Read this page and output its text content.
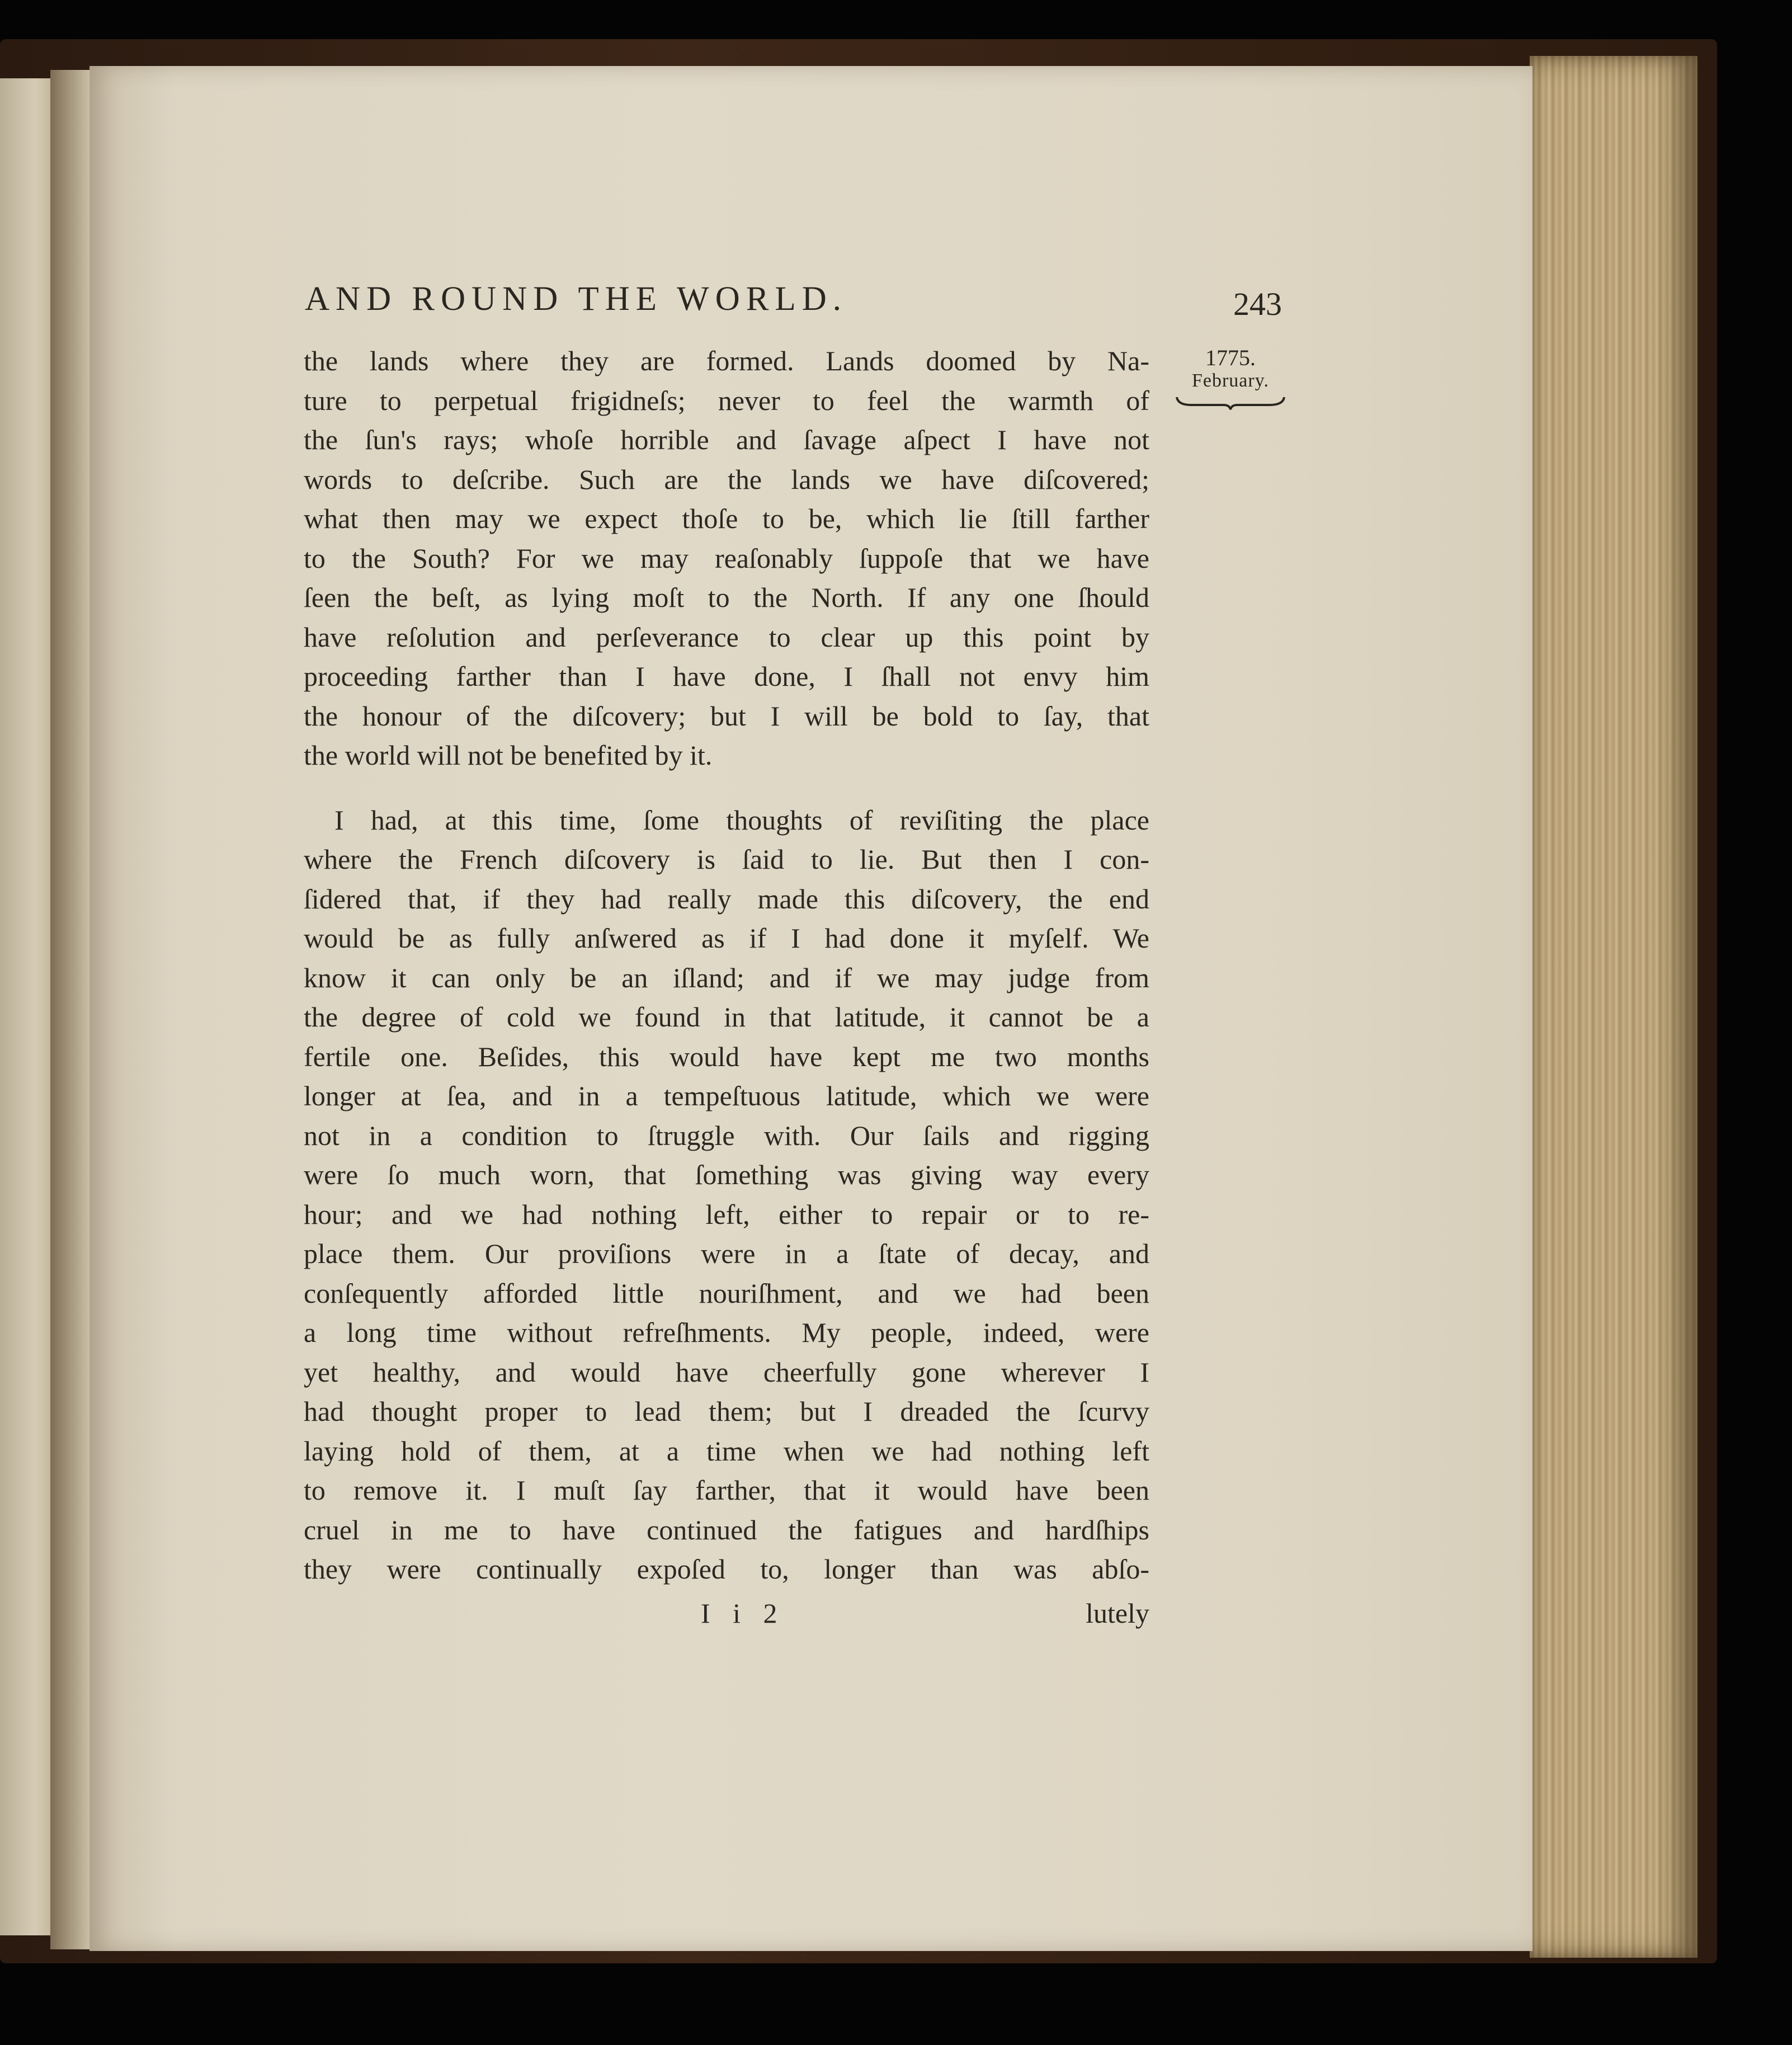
AND ROUND THE WORLD.	243
1775.
February.
the lands where they are formed. Lands doomed by Na-
ture to perpetual frigidneſs; never to feel the warmth of
the ſun's rays; whoſe horrible and ſavage aſpect I have not
words to deſcribe. Such are the lands we have diſcovered;
what then may we expect thoſe to be, which lie ſtill farther
to the South? For we may reaſonably ſuppoſe that we have
ſeen the beſt, as lying moſt to the North. If any one ſhould
have reſolution and perſeverance to clear up this point by
proceeding farther than I have done, I ſhall not envy him
the honour of the diſcovery; but I will be bold to ſay, that
the world will not be benefited by it.
I had, at this time, ſome thoughts of reviſiting the place
where the French diſcovery is ſaid to lie. But then I con-
ſidered that, if they had really made this diſcovery, the end
would be as fully anſwered as if I had done it myſelf. We
know it can only be an iſland; and if we may judge from
the degree of cold we found in that latitude, it cannot be a
fertile one. Beſides, this would have kept me two months
longer at ſea, and in a tempeſtuous latitude, which we were
not in a condition to ſtruggle with. Our ſails and rigging
were ſo much worn, that ſomething was giving way every
hour; and we had nothing left, either to repair or to re-
place them. Our proviſions were in a ſtate of decay, and
conſequently afforded little nouriſhment, and we had been
a long time without refreſhments. My people, indeed, were
yet healthy, and would have cheerfully gone wherever I
had thought proper to lead them; but I dreaded the ſcurvy
laying hold of them, at a time when we had nothing left
to remove it. I muſt ſay farther, that it would have been
cruel in me to have continued the fatigues and hardſhips
they were continually expoſed to, longer than was abſo-
I i 2	lutely
